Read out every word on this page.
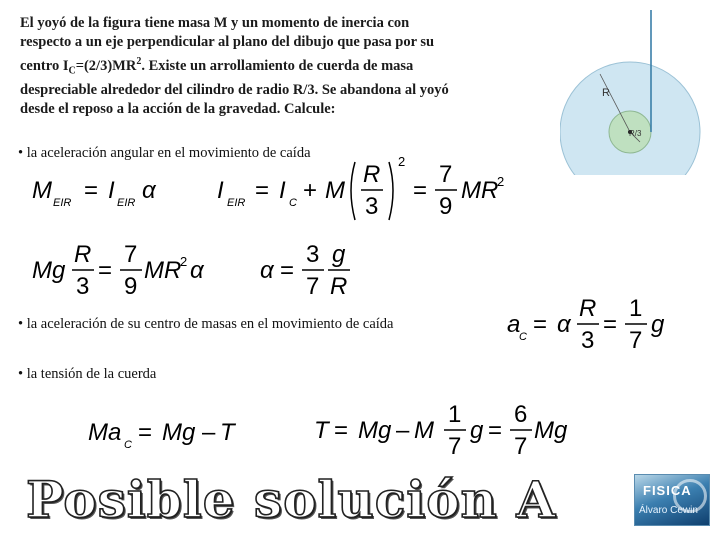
El yoyó de la figura tiene masa M y un momento de inercia con
respecto a un eje perpendicular al plano del dibujo que pasa por su
centro $I_C=(2/3)MR^2$. Existe un arrollamiento de cuerda de masa
despreciable alrededor del cilindro de radio R/3. Se abandona al yoyó
desde el reposo a la acción de la gravedad. Calcule:
R
R/3
• la aceleración angular en el movimiento de caída
M EIR = I EIR α	I EIR = I C + M
R
3
2
=
7
9
MR
2
Mg
R
3
=
7
9
MR
2 α α =
3
7
g
R
• la aceleración de su centro de masas en el movimiento de caída	a
C = α
R
3
=
1
7
g
• la tensión de la cuerda
Ma C = Mg – T	T = Mg – M
1
7
g =
6
7
Mg
Posible solución A	FISICA
Álvaro Cewin
